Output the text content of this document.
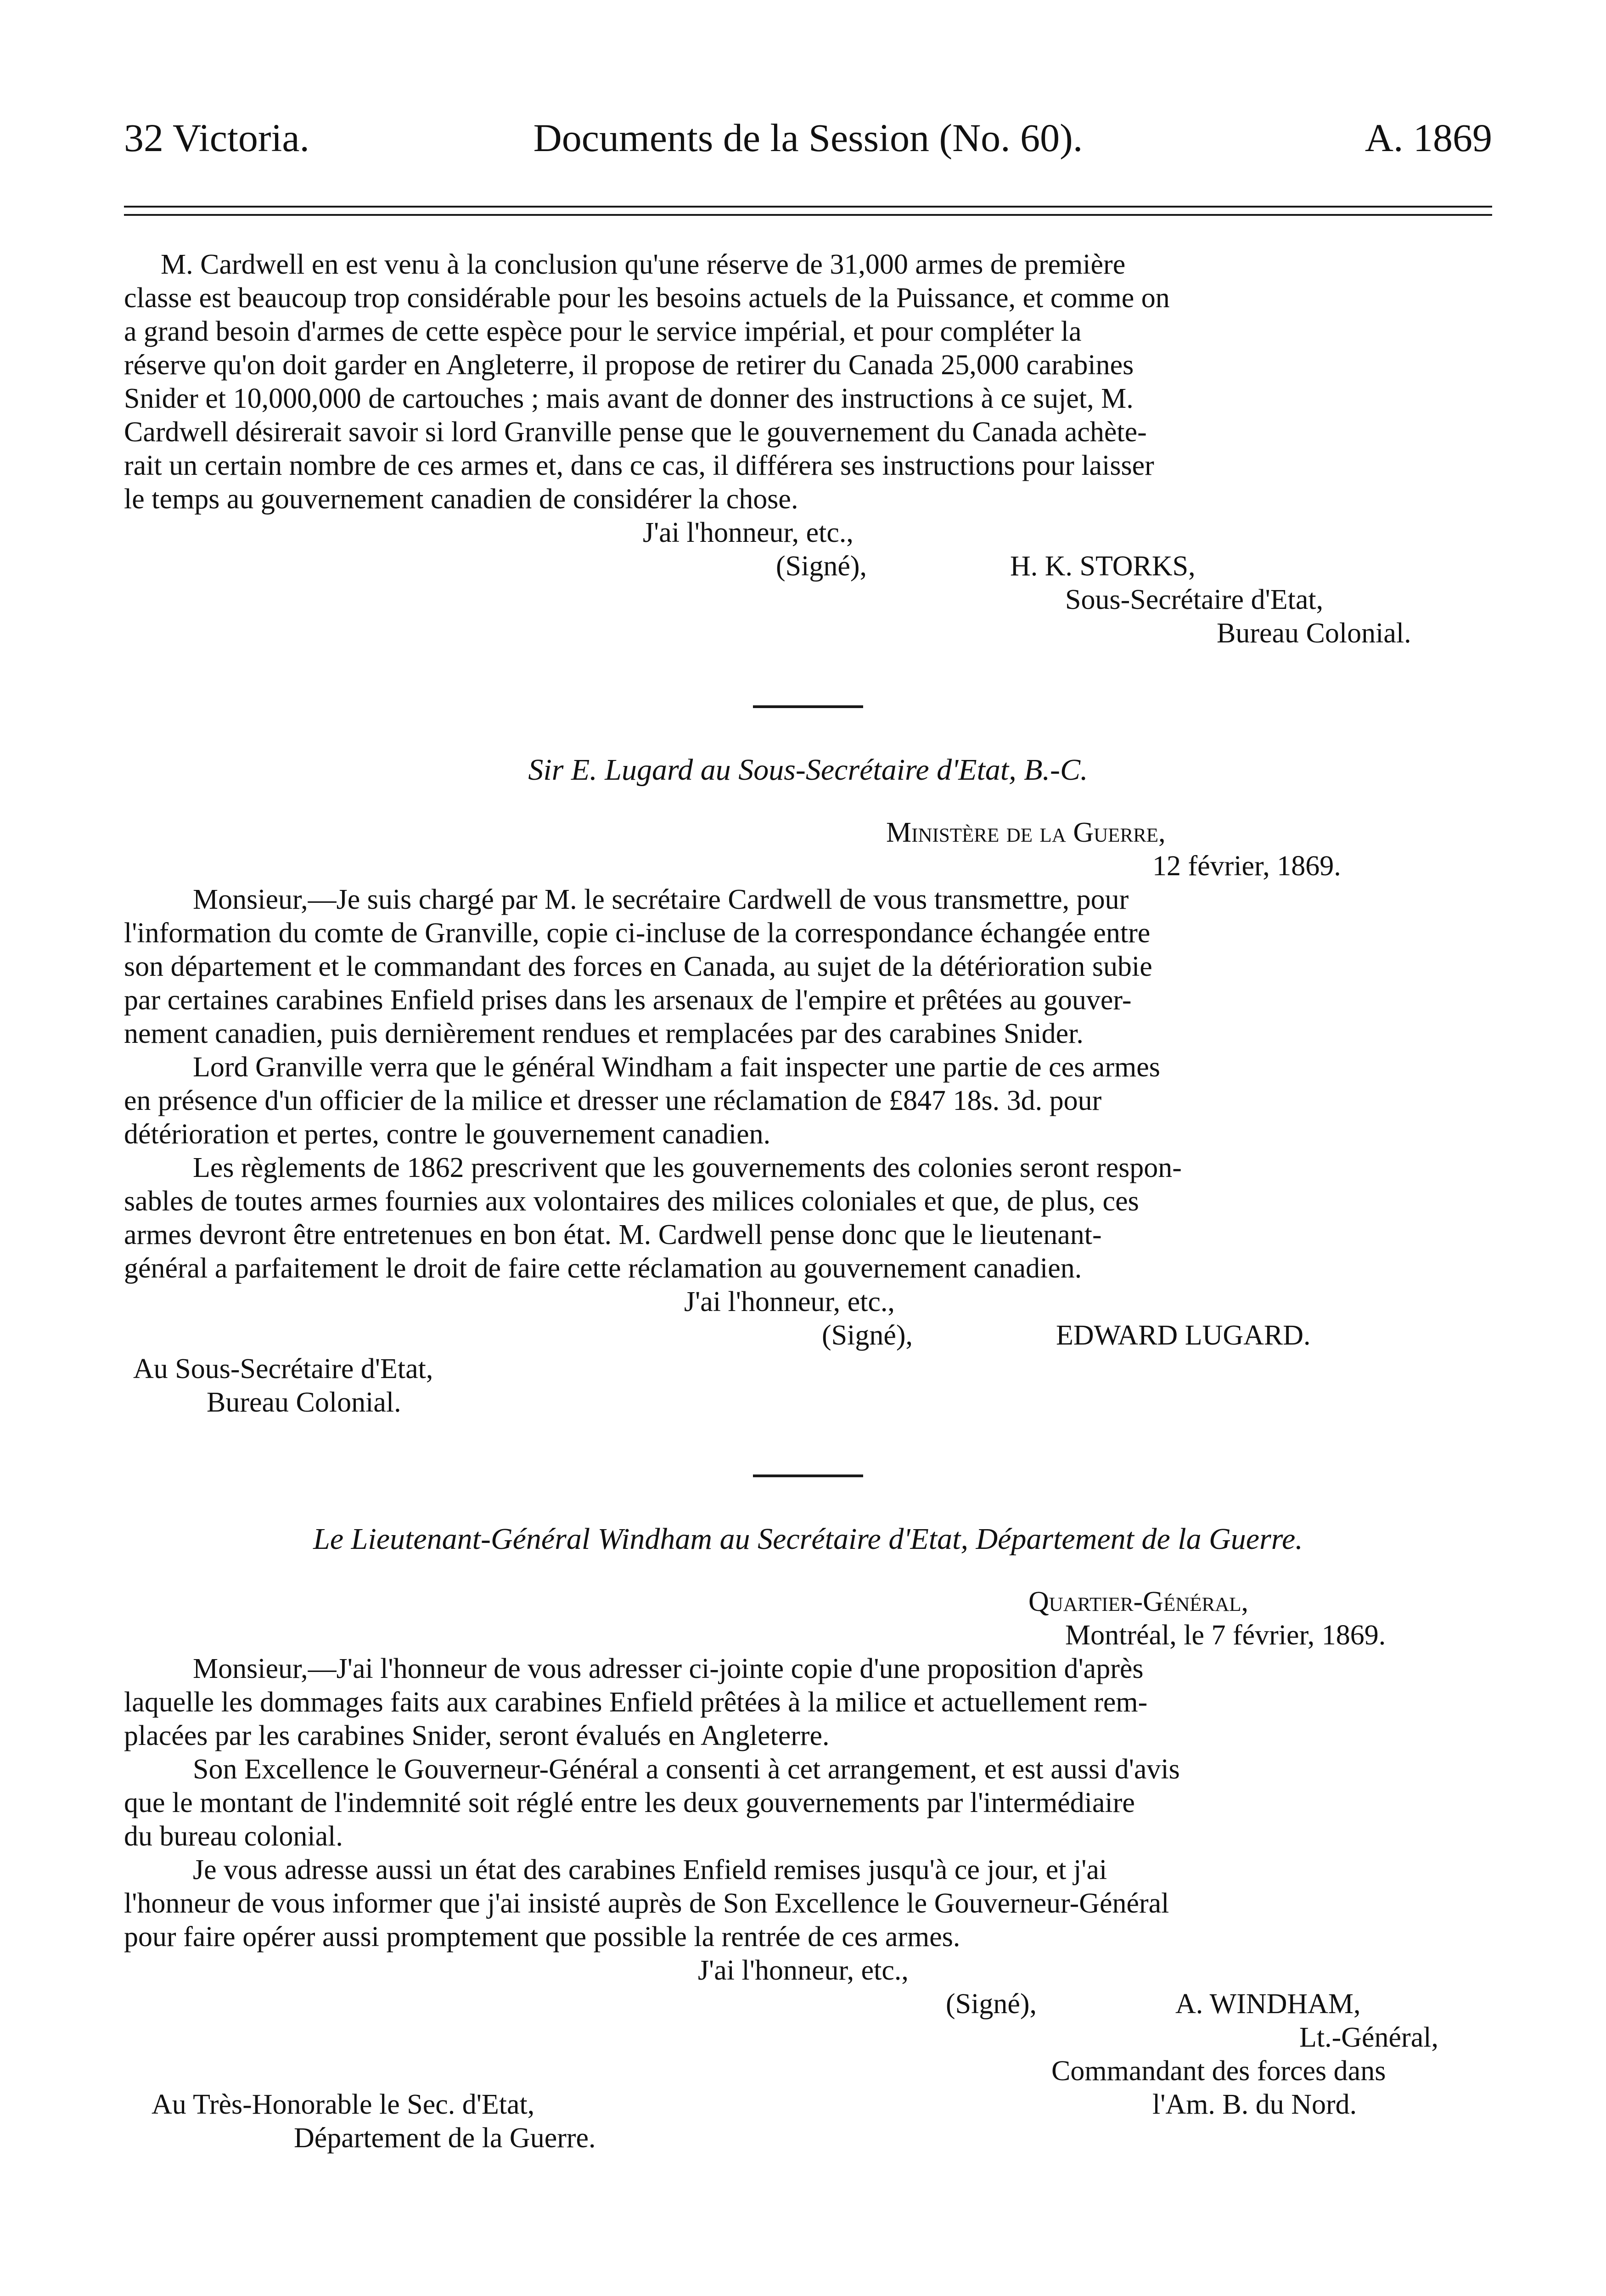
32 Victoria.	Documents de la Session (No. 60).	A. 1869

M. Cardwell en est venu à la conclusion qu'une réserve de 31,000 armes de première
classe est beaucoup trop considérable pour les besoins actuels de la Puissance, et comme on
a grand besoin d'armes de cette espèce pour le service impérial, et pour compléter la
réserve qu'on doit garder en Angleterre, il propose de retirer du Canada 25,000 carabines
Snider et 10,000,000 de cartouches ; mais avant de donner des instructions à ce sujet, M.
Cardwell désirerait savoir si lord Granville pense que le gouvernement du Canada achète-
rait un certain nombre de ces armes et, dans ce cas, il différera ses instructions pour laisser
le temps au gouvernement canadien de considérer la chose.

J'ai l'honneur, etc.,
(Signé),	H. K. STORKS,
Sous-Secrétaire d'Etat,
Bureau Colonial.
Sir E. Lugard au Sous-Secrétaire d'Etat, B.-C.
Ministère de la Guerre,
12 février, 1869.

Monsieur,—Je suis chargé par M. le secrétaire Cardwell de vous transmettre, pour
l'information du comte de Granville, copie ci-incluse de la correspondance échangée entre
son département et le commandant des forces en Canada, au sujet de la détérioration subie
par certaines carabines Enfield prises dans les arsenaux de l'empire et prêtées au gouver-
nement canadien, puis dernièrement rendues et remplacées par des carabines Snider.

Lord Granville verra que le général Windham a fait inspecter une partie de ces armes
en présence d'un officier de la milice et dresser une réclamation de £847 18s. 3d. pour
détérioration et pertes, contre le gouvernement canadien.

Les règlements de 1862 prescrivent que les gouvernements des colonies seront respon-
sables de toutes armes fournies aux volontaires des milices coloniales et que, de plus, ces
armes devront être entretenues en bon état. M. Cardwell pense donc que le lieutenant-
général a parfaitement le droit de faire cette réclamation au gouvernement canadien.

J'ai l'honneur, etc.,
(Signé),	EDWARD LUGARD.
Au Sous-Secrétaire d'Etat,
Bureau Colonial.
Le Lieutenant-Général Windham au Secrétaire d'Etat, Département de la Guerre.
Quartier-Général,
Montréal, le 7 février, 1869.

Monsieur,—J'ai l'honneur de vous adresser ci-jointe copie d'une proposition d'après
laquelle les dommages faits aux carabines Enfield prêtées à la milice et actuellement rem-
placées par les carabines Snider, seront évalués en Angleterre.

Son Excellence le Gouverneur-Général a consenti à cet arrangement, et est aussi d'avis
que le montant de l'indemnité soit réglé entre les deux gouvernements par l'intermédiaire
du bureau colonial.

Je vous adresse aussi un état des carabines Enfield remises jusqu'à ce jour, et j'ai
l'honneur de vous informer que j'ai insisté auprès de Son Excellence le Gouverneur-Général
pour faire opérer aussi promptement que possible la rentrée de ces armes.

J'ai l'honneur, etc.,
(Signé),	A. WINDHAM,
Lt.-Général,
Commandant des forces dans
Au Très-Honorable le Sec. d'Etat,	l'Am. B. du Nord.
Département de la Guerre.
